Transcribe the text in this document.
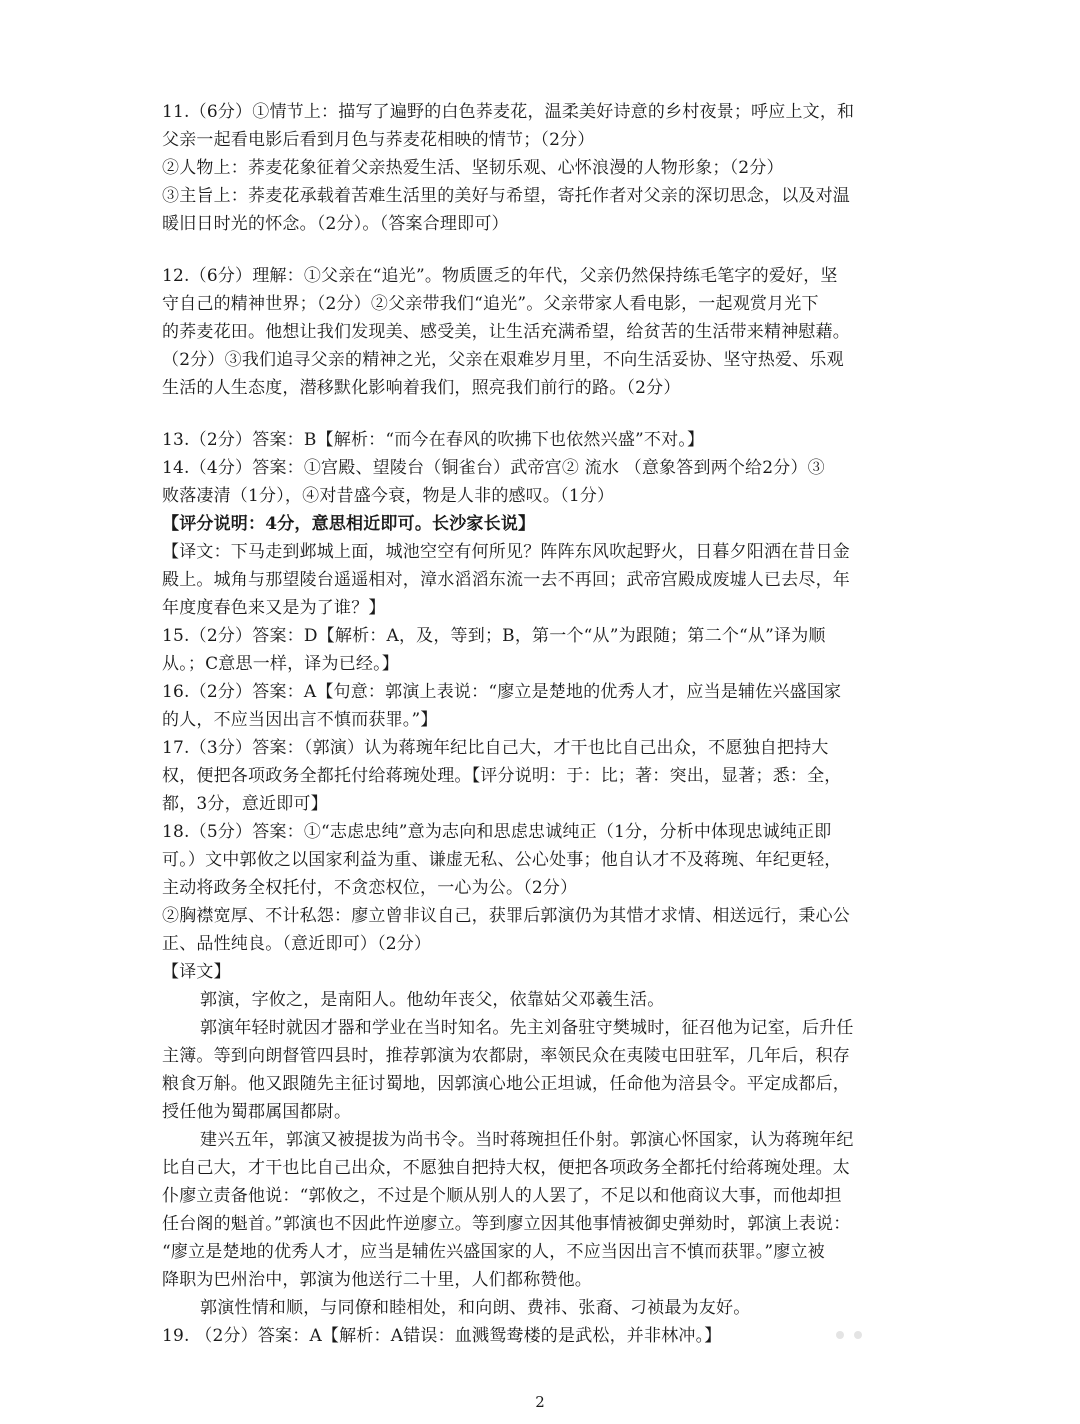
11.（6分）①情节上：描写了遍野的白色荞麦花，温柔美好诗意的乡村夜景；呼应上文，和
父亲一起看电影后看到月色与荞麦花相映的情节；（2分）
②人物上：荞麦花象征着父亲热爱生活、坚韧乐观、心怀浪漫的人物形象；（2分）
③主旨上：荞麦花承载着苦难生活里的美好与希望，寄托作者对父亲的深切思念，以及对温
暖旧日时光的怀念。（2分）。（答案合理即可）
12.（6分）理解：①父亲在“追光”。物质匮乏的年代，父亲仍然保持练毛笔字的爱好，坚
守自己的精神世界；（2分）②父亲带我们“追光”。父亲带家人看电影，一起观赏月光下
的荞麦花田。他想让我们发现美、感受美，让生活充满希望，给贫苦的生活带来精神慰藉。
（2分）③我们追寻父亲的精神之光，父亲在艰难岁月里，不向生活妥协、坚守热爱、乐观
生活的人生态度，潜移默化影响着我们，照亮我们前行的路。（2分）
13.（2分）答案：B【解析：“而今在春风的吹拂下也依然兴盛”不对。】
14.（4分）答案：①宫殿、望陵台（铜雀台）武帝宫② 流水 （意象答到两个给2分）③
败落凄清（1分），④对昔盛今衰，物是人非的感叹。（1分）
【评分说明：4分，意思相近即可。长沙家长说】
【译文：下马走到邺城上面，城池空空有何所见？阵阵东风吹起野火，日暮夕阳洒在昔日金
殿上。城角与那望陵台遥遥相对，漳水滔滔东流一去不再回；武帝宫殿成废墟人已去尽，年
年度度春色来又是为了谁？】
15.（2分）答案：D【解析：A，及，等到；B，第一个“从”为跟随；第二个“从”译为顺
从。；C意思一样，译为已经。】
16.（2分）答案：A【句意：郭演上表说：“廖立是楚地的优秀人才，应当是辅佐兴盛国家
的人，不应当因出言不慎而获罪。”】
17.（3分）答案：（郭演）认为蒋琬年纪比自己大，才干也比自己出众，不愿独自把持大
权，便把各项政务全都托付给蒋琬处理。【评分说明：于：比；著：突出，显著；悉：全，
都，3分，意近即可】
18.（5分）答案：①“志虑忠纯”意为志向和思虑忠诚纯正（1分，分析中体现忠诚纯正即
可。）文中郭攸之以国家利益为重、谦虚无私、公心处事；他自认才不及蒋琬、年纪更轻，
主动将政务全权托付，不贪恋权位，一心为公。（2分）
②胸襟宽厚、不计私怨：廖立曾非议自己，获罪后郭演仍为其惜才求情、相送远行，秉心公
正、品性纯良。（意近即可）（2分）
【译文】
郭演，字攸之，是南阳人。他幼年丧父，依靠姑父邓羲生活。
郭演年轻时就因才器和学业在当时知名。先主刘备驻守樊城时，征召他为记室，后升任
主簿。等到向朗督管四县时，推荐郭演为农都尉，率领民众在夷陵屯田驻军，几年后，积存
粮食万斛。他又跟随先主征讨蜀地，因郭演心地公正坦诚，任命他为涪县令。平定成都后，
授任他为蜀郡属国都尉。
建兴五年，郭演又被提拔为尚书令。当时蒋琬担任仆射。郭演心怀国家，认为蒋琬年纪
比自己大，才干也比自己出众，不愿独自把持大权，便把各项政务全都托付给蒋琬处理。太
仆廖立责备他说：“郭攸之，不过是个顺从别人的人罢了，不足以和他商议大事，而他却担
任台阁的魁首。”郭演也不因此忤逆廖立。等到廖立因其他事情被御史弹劾时，郭演上表说：
“廖立是楚地的优秀人才，应当是辅佐兴盛国家的人，不应当因出言不慎而获罪。”廖立被
降职为巴州治中，郭演为他送行二十里，人们都称赞他。
郭演性情和顺，与同僚和睦相处，和向朗、费祎、张裔、刁祯最为友好。
19. （2分）答案：A【解析：A错误：血溅鸳鸯楼的是武松，并非林冲。】
2
